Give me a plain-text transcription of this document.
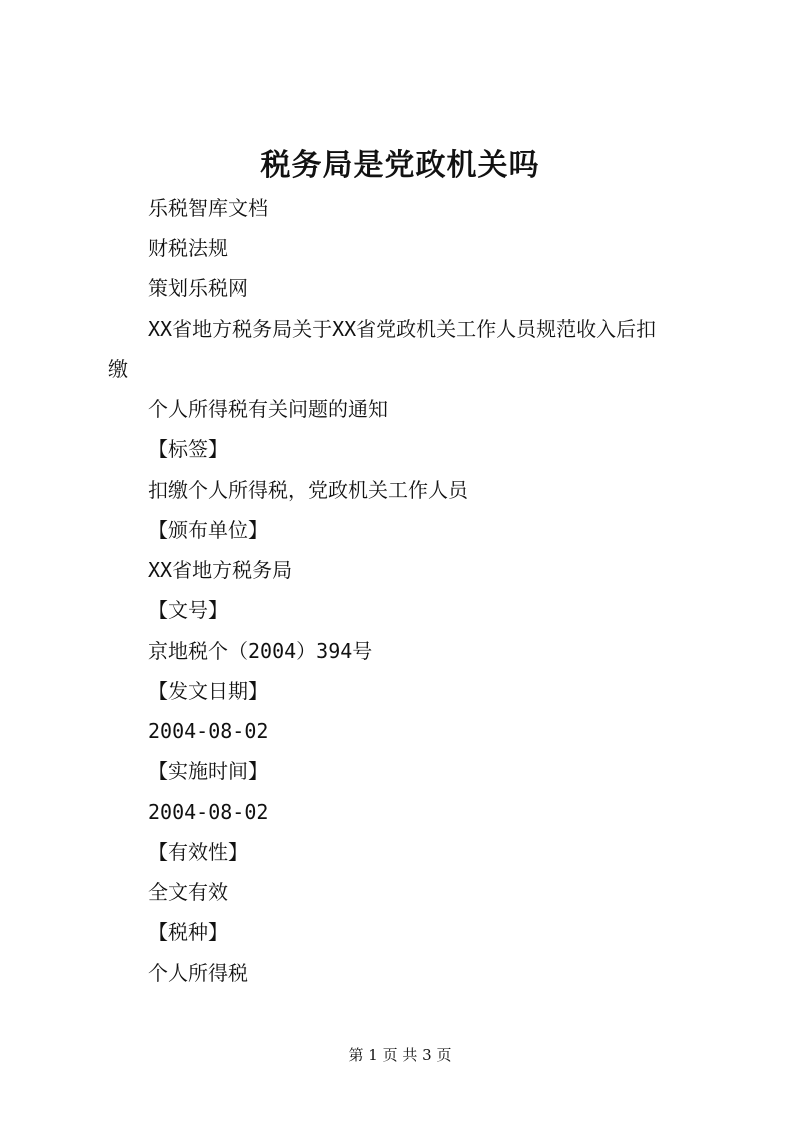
税务局是党政机关吗
乐税智库文档
财税法规
策划乐税网
XX省地方税务局关于XX省党政机关工作人员规范收入后扣
缴
个人所得税有关问题的通知
【标签】
扣缴个人所得税，党政机关工作人员
【颁布单位】
XX省地方税务局
【文号】
京地税个（2004）394号
【发文日期】
2004-08-02
【实施时间】
2004-08-02
【有效性】
全文有效
【税种】
个人所得税
第 1 页 共 3 页
